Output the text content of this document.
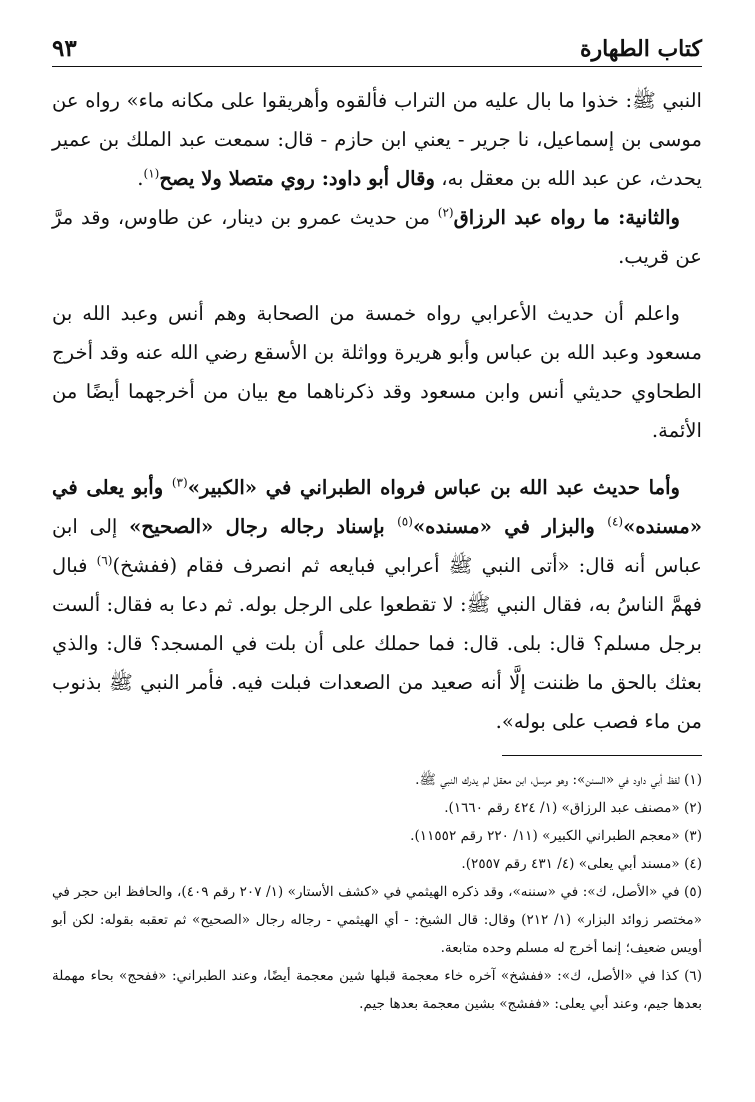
كتاب الطهارة
٩٣

النبي ﷺ: خذوا ما بال عليه من التراب فألقوه وأهريقوا على مكانه ماء» رواه عن موسى بن إسماعيل، نا جرير - يعني ابن حازم - قال: سمعت عبد الملك بن عمير يحدث، عن عبد الله بن معقل به، وقال أبو داود: روي متصلا ولا يصح$^{(١)}$.

والثانية: ما رواه عبد الرزاق$^{(٢)}$ من حديث عمرو بن دينار، عن طاوس، وقد مرَّ عن قريب.

واعلم أن حديث الأعرابي رواه خمسة من الصحابة وهم أنس وعبد الله بن مسعود وعبد الله بن عباس وأبو هريرة وواثلة بن الأسقع رضي الله عنه وقد أخرج الطحاوي حديثي أنس وابن مسعود وقد ذكرناهما مع بيان من أخرجهما أيضًا من الأئمة.

وأما حديث عبد الله بن عباس فرواه الطبراني في «الكبير»$^{(٣)}$ وأبو يعلى في «مسنده»$^{(٤)}$ والبزار في «مسنده»$^{(٥)}$ بإسناد رجاله رجال «الصحيح» إلى ابن عباس أنه قال: «أتى النبي ﷺ أعرابي فبايعه ثم انصرف فقام (ففشخ)$^{(٦)}$ فبال فهمَّ الناسُ به، فقال النبي ﷺ: لا تقطعوا على الرجل بوله. ثم دعا به فقال: ألست برجل مسلم؟ قال: بلى. قال: فما حملك على أن بلت في المسجد؟ قال: والذي بعثك بالحق ما ظننت إلَّا أنه صعيد من الصعدات فبلت فيه. فأمر النبي ﷺ بذنوب من ماء فصب على بوله».

(١) لفظ أبي داود في «السنن»: وهو مرسل، ابن معقل لم يدرك النبي ﷺ.

(٢) «مصنف عبد الرزاق» (١/ ٤٢٤ رقم ١٦٦٠).

(٣) «معجم الطبراني الكبير» (١١/ ٢٢٠ رقم ١١٥٥٢).

(٤) «مسند أبي يعلى» (٤/ ٤٣١ رقم ٢٥٥٧).

(٥) في «الأصل، ك»: في «سننه»، وقد ذكره الهيثمي في «كشف الأستار» (١/ ٢٠٧ رقم ٤٠٩)، والحافظ ابن حجر في «مختصر زوائد البزار» (١/ ٢١٢) وقال: قال الشيخ: - أي الهيثمي - رجاله رجال «الصحيح» ثم تعقبه بقوله: لكن أبو أويس ضعيف؛ إنما أخرج له مسلم وحده متابعة.

(٦) كذا في «الأصل، ك»: «ففشخ» آخره خاء معجمة قبلها شين معجمة أيضًا، وعند الطبراني: «ففحج» بحاء مهملة بعدها جيم، وعند أبي يعلى: «ففشج» بشين معجمة بعدها جيم.
